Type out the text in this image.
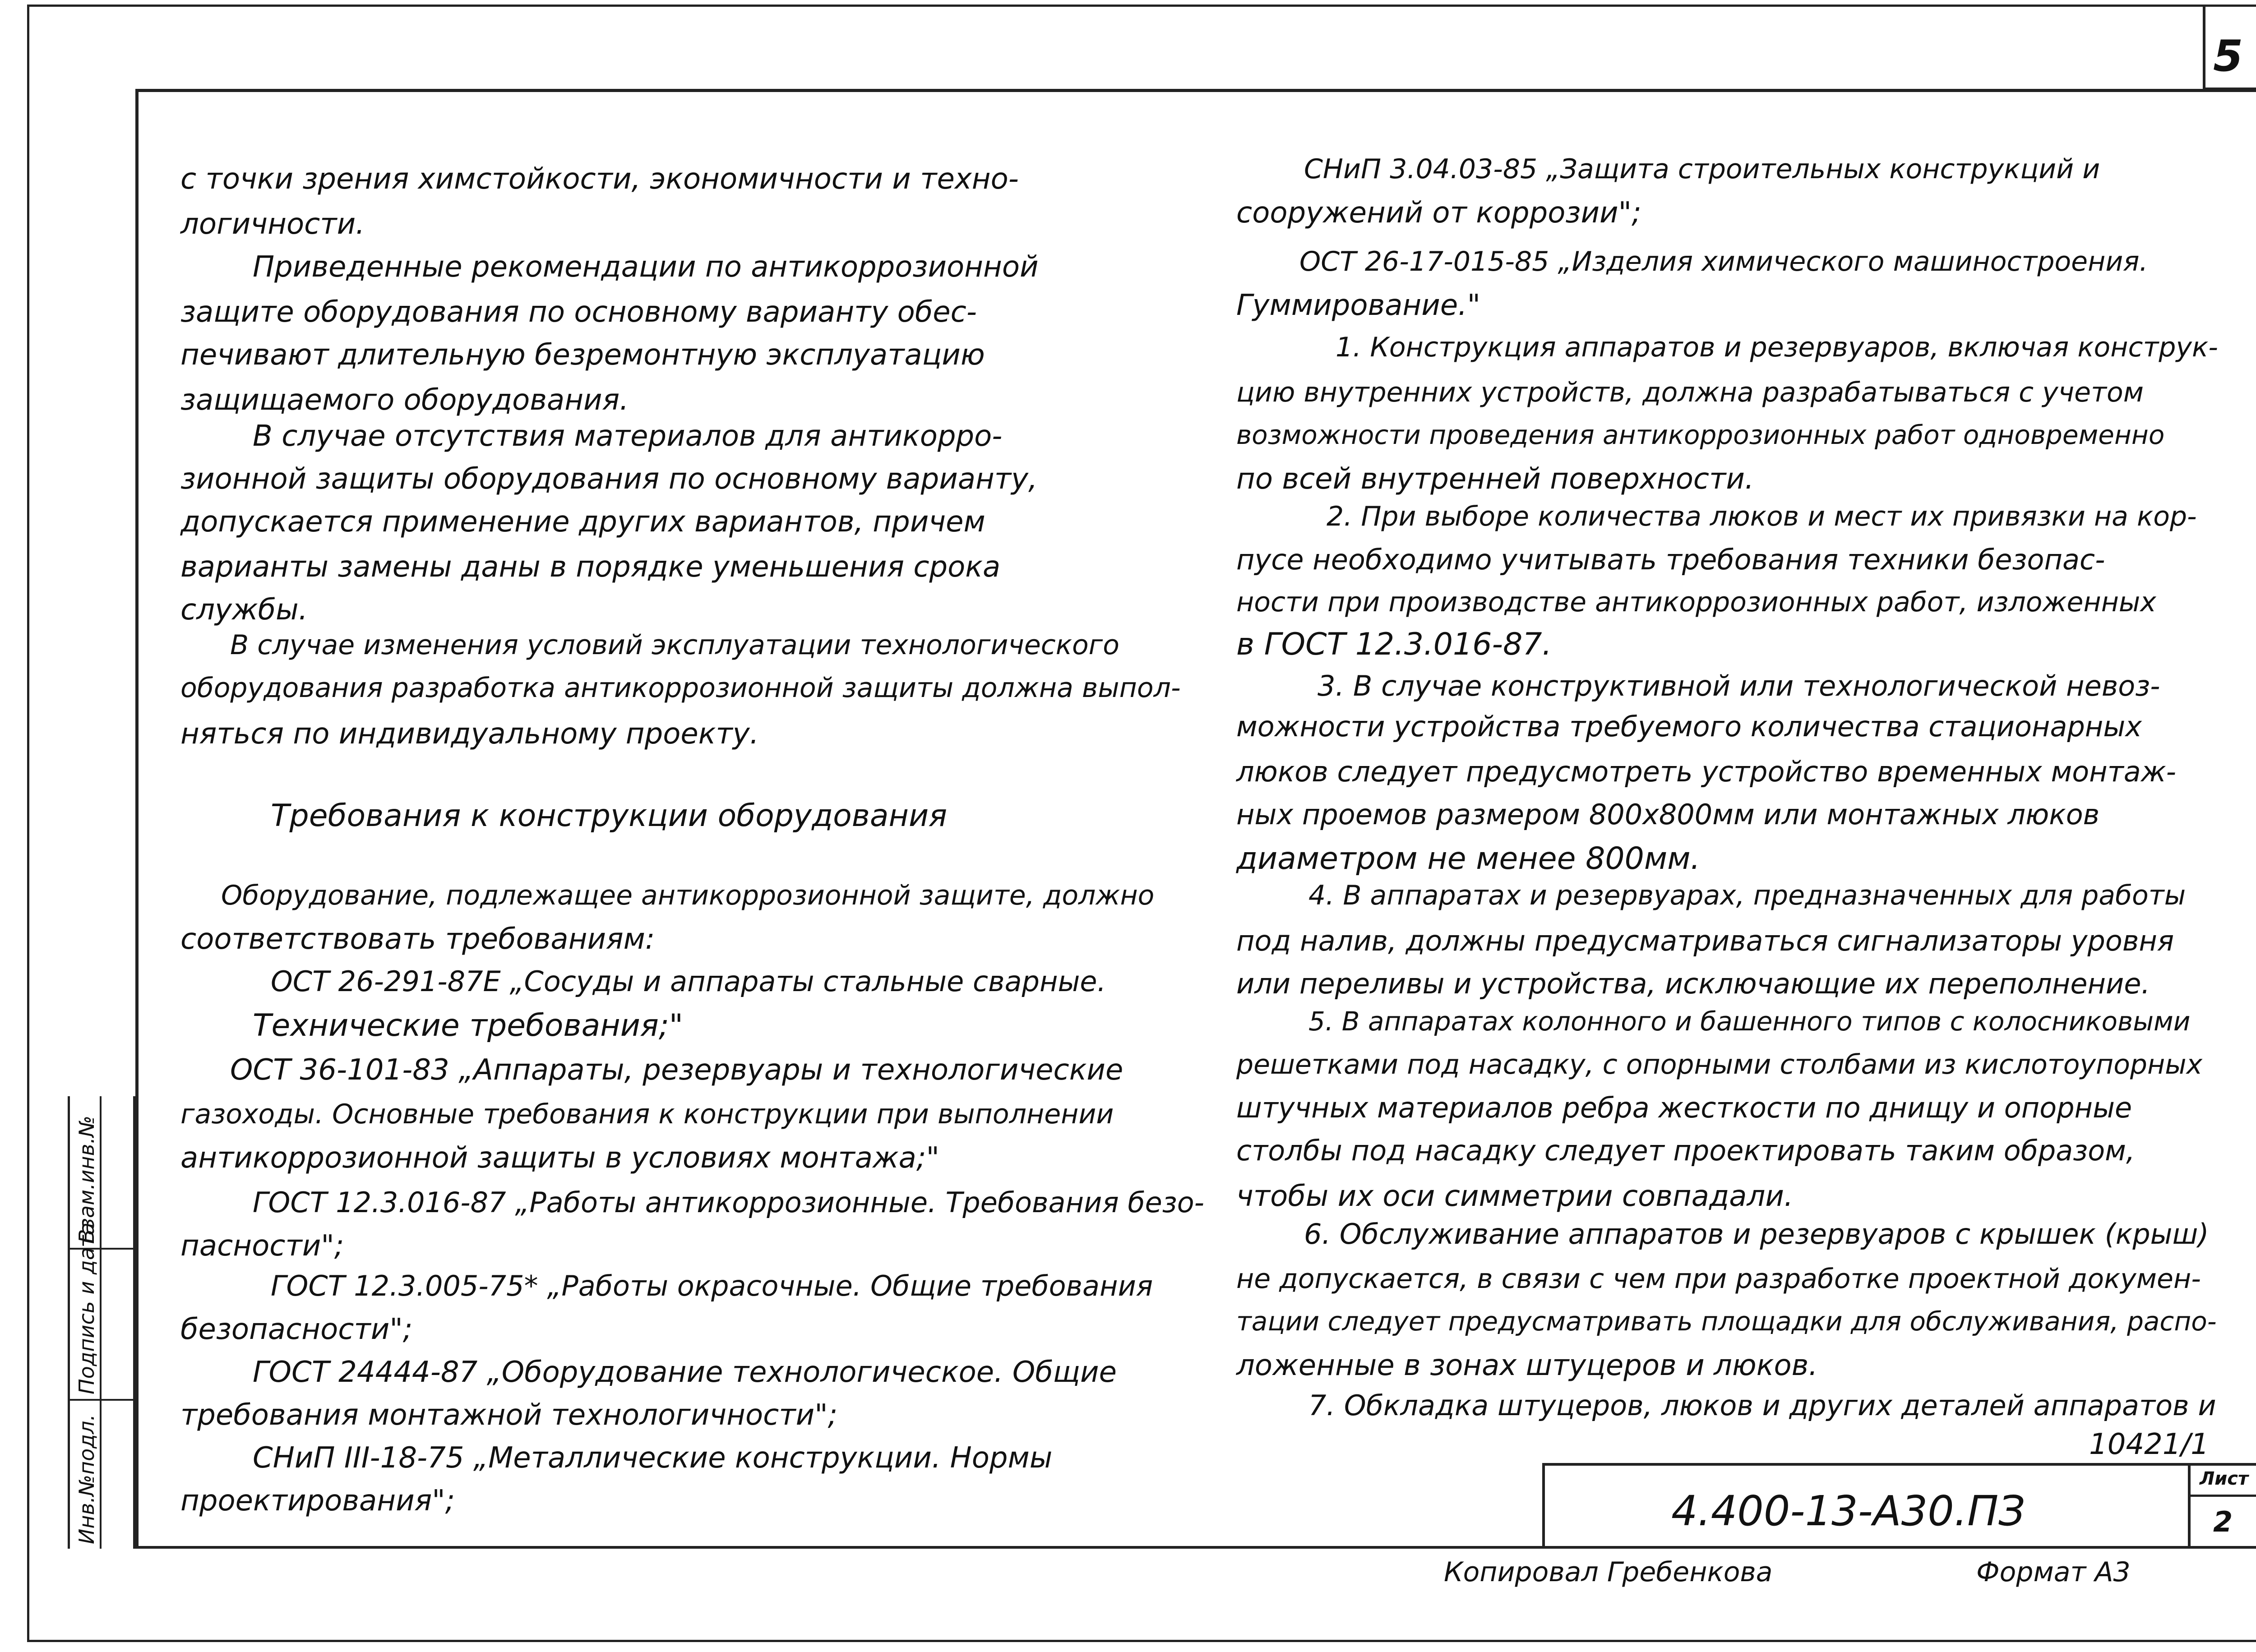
5
с точки зрения химстойкости, экономичности и техно-
логичности.
Приведенные рекомендации по антикоррозионной
защите оборудования по основному варианту обес-
печивают длительную безремонтную эксплуатацию
защищаемого оборудования.
В случае отсутствия материалов для антикорро-
зионной защиты оборудования по основному варианту,
допускается применение других вариантов, причем
варианты замены даны в порядке уменьшения срока
службы.
В случае изменения условий эксплуатации технологического
оборудования разработка антикоррозионной защиты должна выпол-
няться по индивидуальному проекту.
Требования к конструкции оборудования
Оборудование, подлежащее антикоррозионной защите, должно
соответствовать требованиям:
ОСТ 26-291-87Е „Сосуды и аппараты стальные сварные.
Технические требования;"
ОСТ 36-101-83 „Аппараты, резервуары и технологические
газоходы. Основные требования к конструкции при выполнении
антикоррозионной защиты в условиях монтажа;"
ГОСТ 12.3.016-87 „Работы антикоррозионные. Требования безо-
пасности";
ГОСТ 12.3.005-75* „Работы окрасочные. Общие требования
безопасности";
ГОСТ 24444-87 „Оборудование технологическое. Общие
требования монтажной технологичности";
СНиП III-18-75 „Металлические конструкции. Нормы
проектирования";
СНиП 3.04.03-85 „Защита строительных конструкций и
сооружений от коррозии";
ОСТ 26-17-015-85 „Изделия химического машиностроения.
Гуммирование."
1. Конструкция аппаратов и резервуаров, включая конструк-
цию внутренних устройств, должна разрабатываться с учетом
возможности проведения антикоррозионных работ одновременно
по всей внутренней поверхности.
2. При выборе количества люков и мест их привязки на кор-
пусе необходимо учитывать требования техники безопас-
ности при производстве антикоррозионных работ, изложенных
в ГОСТ 12.3.016-87.
3. В случае конструктивной или технологической невоз-
можности устройства требуемого количества стационарных
люков следует предусмотреть устройство временных монтаж-
ных проемов размером 800x800мм или монтажных люков
диаметром не менее 800мм.
4. В аппаратах и резервуарах, предназначенных для работы
под налив, должны предусматриваться сигнализаторы уровня
или переливы и устройства, исключающие их переполнение.
5. В аппаратах колонного и башенного типов с колосниковыми
решетками под насадку, с опорными столбами из кислотоупорных
штучных материалов ребра жесткости по днищу и опорные
столбы под насадку следует проектировать таким образом,
чтобы их оси симметрии совпадали.
6. Обслуживание аппаратов и резервуаров с крышек (крыш)
не допускается, в связи с чем при разработке проектной докумен-
тации следует предусматривать площадки для обслуживания, распо-
ложенные в зонах штуцеров и люков.
7. Обкладка штуцеров, люков и других деталей аппаратов и
10421/1
4.400-13-А30.ПЗ
Лист
2
Взам.инв.№
Подпись и дата
Инв.№подл.
Копировал Гребенкова	Формат А3
